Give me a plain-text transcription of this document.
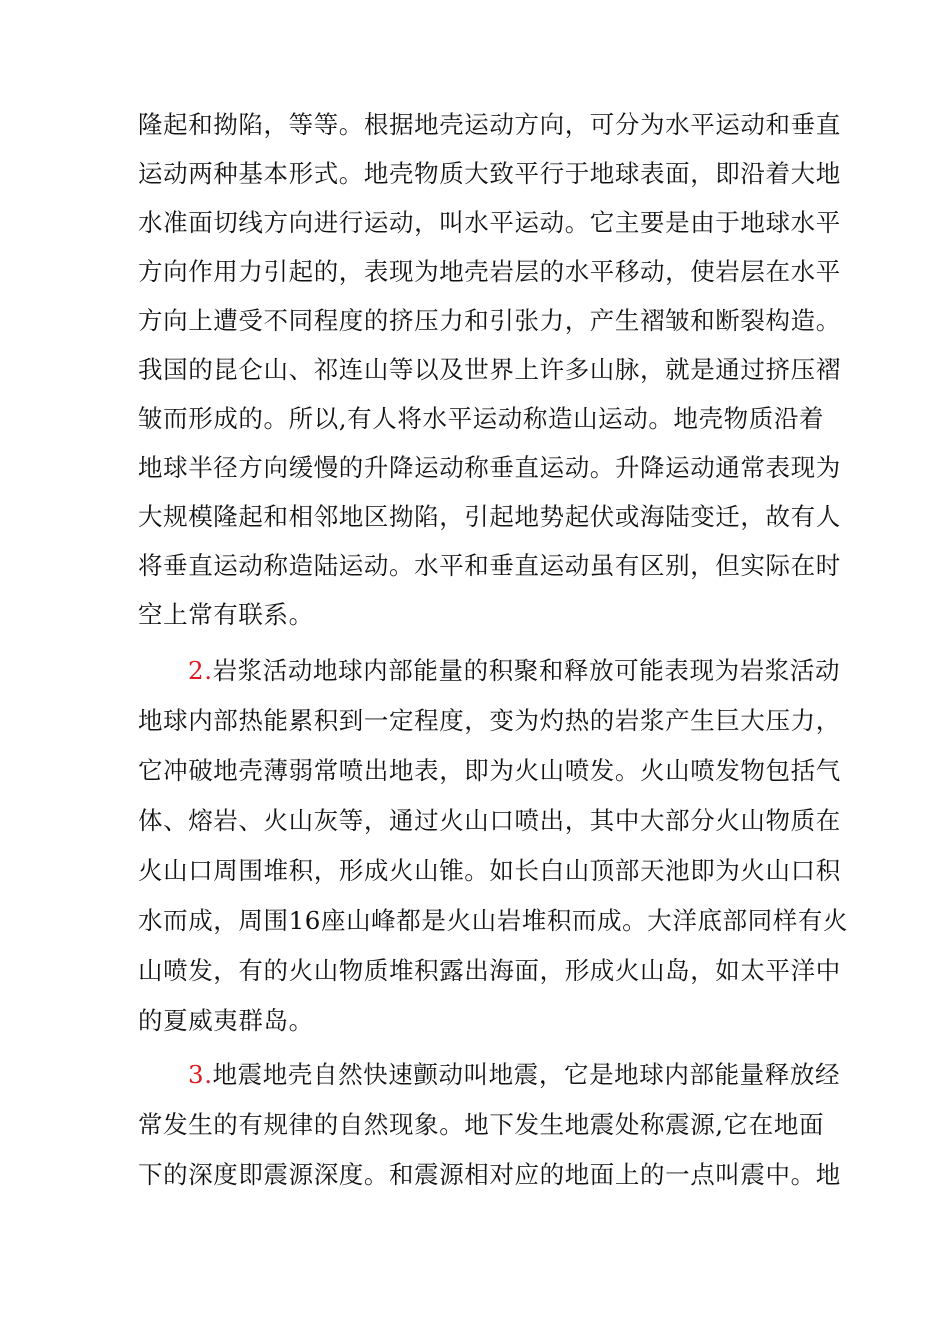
隆起和拗陷，等等。根据地壳运动方向，可分为水平运动和垂直
运动两种基本形式。地壳物质大致平行于地球表面，即沿着大地
水准面切线方向进行运动，叫水平运动。它主要是由于地球水平
方向作用力引起的，表现为地壳岩层的水平移动，使岩层在水平
方向上遭受不同程度的挤压力和引张力，产生褶皱和断裂构造。
我国的昆仑山、祁连山等以及世界上许多山脉，就是通过挤压褶
皱而形成的。所以,有人将水平运动称造山运动。地壳物质沿着
地球半径方向缓慢的升降运动称垂直运动。升降运动通常表现为
大规模隆起和相邻地区拗陷，引起地势起伏或海陆变迁，故有人
将垂直运动称造陆运动。水平和垂直运动虽有区别，但实际在时
空上常有联系。
2.岩浆活动地球内部能量的积聚和释放可能表现为岩浆活动
地球内部热能累积到一定程度，变为灼热的岩浆产生巨大压力，
它冲破地壳薄弱常喷出地表，即为火山喷发。火山喷发物包括气
体、熔岩、火山灰等，通过火山口喷出，其中大部分火山物质在
火山口周围堆积，形成火山锥。如长白山顶部天池即为火山口积
水而成，周围16座山峰都是火山岩堆积而成。大洋底部同样有火
山喷发，有的火山物质堆积露出海面，形成火山岛，如太平洋中
的夏威夷群岛。
3.地震地壳自然快速颤动叫地震，它是地球内部能量释放经
常发生的有规律的自然现象。地下发生地震处称震源,它在地面
下的深度即震源深度。和震源相对应的地面上的一点叫震中。地
